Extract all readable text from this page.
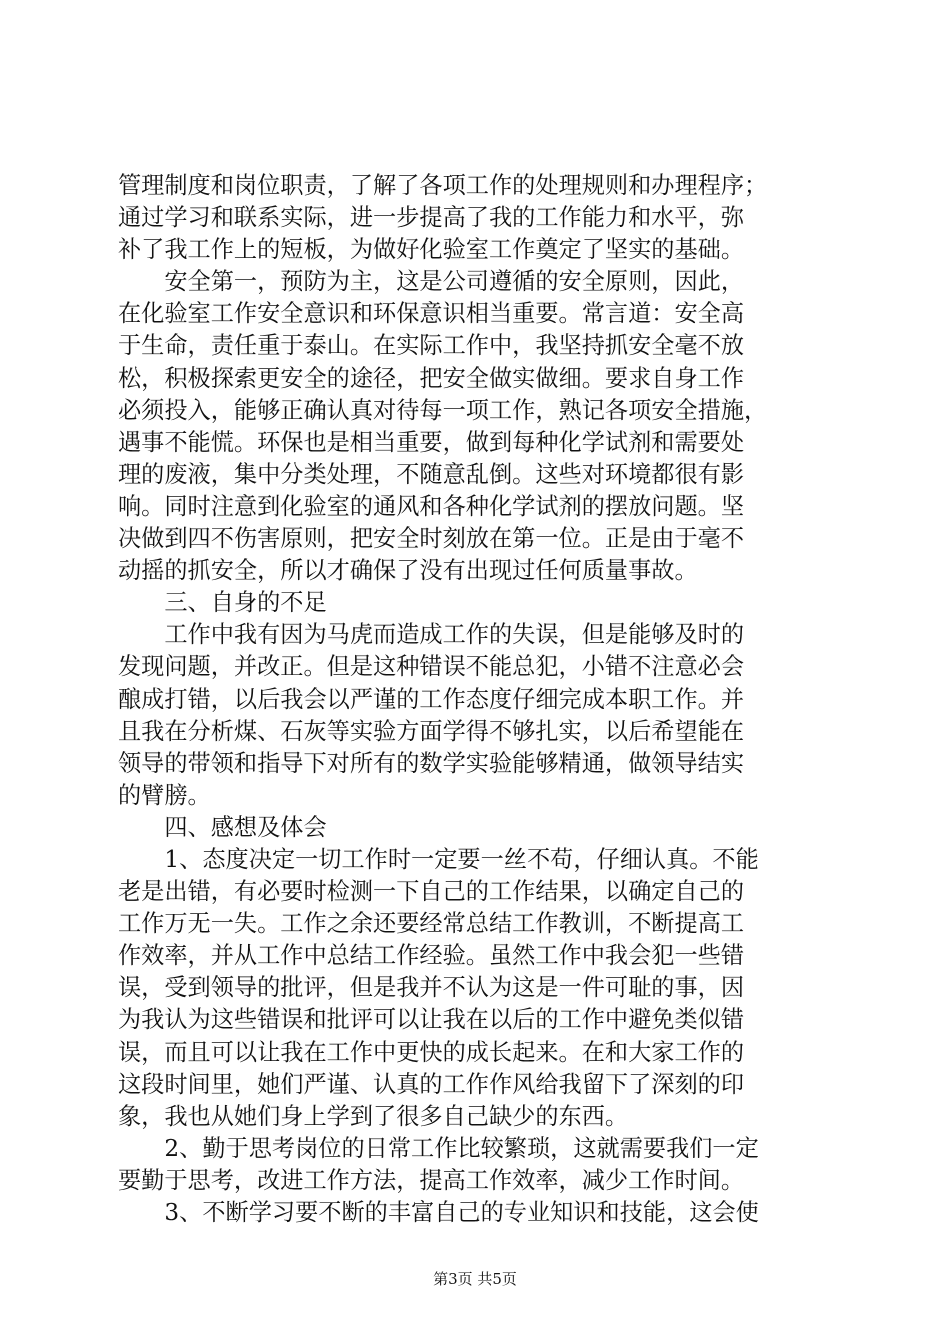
管理制度和岗位职责，了解了各项工作的处理规则和办理程序；
通过学习和联系实际，进一步提高了我的工作能力和水平，弥
补了我工作上的短板，为做好化验室工作奠定了坚实的基础。
　　安全第一，预防为主，这是公司遵循的安全原则，因此，
在化验室工作安全意识和环保意识相当重要。常言道：安全高
于生命，责任重于泰山。在实际工作中，我坚持抓安全毫不放
松，积极探索更安全的途径，把安全做实做细。要求自身工作
必须投入，能够正确认真对待每一项工作，熟记各项安全措施，
遇事不能慌。环保也是相当重要，做到每种化学试剂和需要处
理的废液，集中分类处理，不随意乱倒。这些对环境都很有影
响。同时注意到化验室的通风和各种化学试剂的摆放问题。坚
决做到四不伤害原则，把安全时刻放在第一位。正是由于毫不
动摇的抓安全，所以才确保了没有出现过任何质量事故。
　　三、自身的不足
　　工作中我有因为马虎而造成工作的失误，但是能够及时的
发现问题，并改正。但是这种错误不能总犯，小错不注意必会
酿成打错，以后我会以严谨的工作态度仔细完成本职工作。并
且我在分析煤、石灰等实验方面学得不够扎实，以后希望能在
领导的带领和指导下对所有的数学实验能够精通，做领导结实
的臂膀。
　　四、感想及体会
　　1、态度决定一切工作时一定要一丝不苟，仔细认真。不能
老是出错，有必要时检测一下自己的工作结果，以确定自己的
工作万无一失。工作之余还要经常总结工作教训，不断提高工
作效率，并从工作中总结工作经验。虽然工作中我会犯一些错
误，受到领导的批评，但是我并不认为这是一件可耻的事，因
为我认为这些错误和批评可以让我在以后的工作中避免类似错
误，而且可以让我在工作中更快的成长起来。在和大家工作的
这段时间里，她们严谨、认真的工作作风给我留下了深刻的印
象，我也从她们身上学到了很多自己缺少的东西。
　　2、勤于思考岗位的日常工作比较繁琐，这就需要我们一定
要勤于思考，改进工作方法，提高工作效率，减少工作时间。
　　3、不断学习要不断的丰富自己的专业知识和技能，这会使
第3页 共5页
